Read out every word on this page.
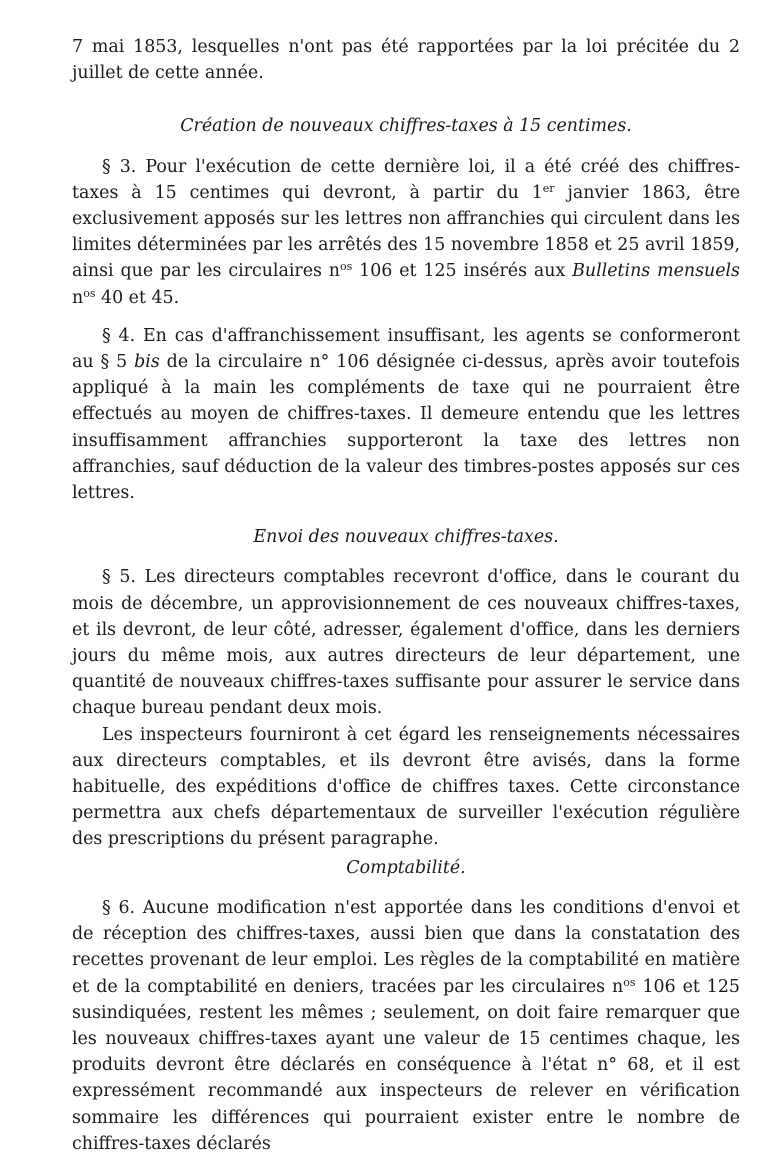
7 mai 1853, lesquelles n'ont pas été rapportées par la loi précitée du 2 juillet de cette année.

Création de nouveaux chiffres-taxes à 15 centimes.

§ 3. Pour l'exécution de cette dernière loi, il a été créé des chiffres-taxes à 15 centimes qui devront, à partir du 1er janvier 1863, être exclusivement apposés sur les lettres non affranchies qui circulent dans les limites déterminées par les arrêtés des 15 novembre 1858 et 25 avril 1859, ainsi que par les circulaires $n^{os}$ 106 et 125 insérés aux Bulletins mensuels $n^{os}$ 40 et 45.

§ 4. En cas d'affranchissement insuffisant, les agents se conformeront au § 5 bis de la circulaire n° 106 désignée ci-dessus, après avoir toutefois appliqué à la main les compléments de taxe qui ne pourraient être effectués au moyen de chiffres-taxes. Il demeure entendu que les lettres insuffisamment affranchies supporteront la taxe des lettres non affranchies, sauf déduction de la valeur des timbres-postes apposés sur ces lettres.

Envoi des nouveaux chiffres-taxes.

§ 5. Les directeurs comptables recevront d'office, dans le courant du mois de décembre, un approvisionnement de ces nouveaux chiffres-taxes, et ils devront, de leur côté, adresser, également d'office, dans les derniers jours du même mois, aux autres directeurs de leur département, une quantité de nouveaux chiffres-taxes suffisante pour assurer le service dans chaque bureau pendant deux mois.

Les inspecteurs fourniront à cet égard les renseignements nécessaires aux directeurs comptables, et ils devront être avisés, dans la forme habituelle, des expéditions d'office de chiffres taxes. Cette circonstance permettra aux chefs départementaux de surveiller l'exécution régulière des prescriptions du présent paragraphe.

Comptabilité.

§ 6. Aucune modification n'est apportée dans les conditions d'envoi et de réception des chiffres-taxes, aussi bien que dans la constatation des recettes provenant de leur emploi. Les règles de la comptabilité en matière et de la comptabilité en deniers, tracées par les circulaires $n^{os}$ 106 et 125 susindiquées, restent les mêmes ; seulement, on doit faire remarquer que les nouveaux chiffres-taxes ayant une valeur de 15 centimes chaque, les produits devront être déclarés en conséquence à l'état n° 68, et il est expressément recommandé aux inspecteurs de relever en vérification sommaire les différences qui pourraient exister entre le nombre de chiffres-taxes déclarés
